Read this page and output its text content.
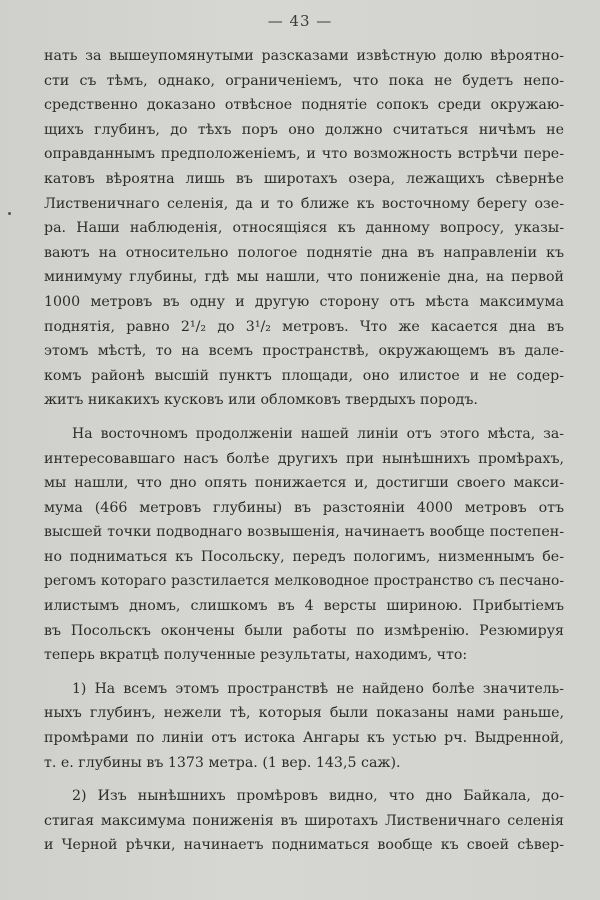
— 43 —
нать за вышеупомянутыми разсказами извѣстную долю вѣроятно-
сти съ тѣмъ, однако, ограниченіемъ, что пока не будетъ непо-
средственно доказано отвѣсное поднятіе сопокъ среди окружаю-
щихъ глубинъ, до тѣхъ поръ оно должно считаться ничѣмъ не
оправданнымъ предположеніемъ, и что возможность встрѣчи пере-
катовъ вѣроятна лишь въ широтахъ озера, лежащихъ сѣвернѣе
Лиственичнаго селенія, да и то ближе къ восточному берегу озе-
ра. Наши наблюденія, относящіяся къ данному вопросу, указы-
ваютъ на относительно пологое поднятіе дна въ направленіи къ
минимуму глубины, гдѣ мы нашли, что пониженіе дна, на первой
1000 метровъ въ одну и другую сторону отъ мѣста максимума
поднятія, равно 2¹/₂ до 3¹/₂ метровъ. Что же касается дна въ
этомъ мѣстѣ, то на всемъ пространствѣ, окружающемъ въ дале-
комъ районѣ высшій пунктъ площади, оно илистое и не содер-
житъ никакихъ кусковъ или обломковъ твердыхъ породъ.
На восточномъ продолженіи нашей линіи отъ этого мѣста, за-
интересовавшаго насъ болѣе другихъ при нынѣшнихъ промѣрахъ,
мы нашли, что дно опять понижается и, достигши своего макси-
мума (466 метровъ глубины) въ разстояніи 4000 метровъ отъ
высшей точки подводнаго возвышенія, начинаетъ вообще постепен-
но подниматься къ Посольску, передъ пологимъ, низменнымъ бе-
регомъ котораго разстилается мелководное пространство съ песчано-
илистымъ дномъ, слишкомъ въ 4 версты шириною. Прибытіемъ
въ Посольскъ окончены были работы по измѣренію. Резюмируя
теперь вкратцѣ полученные результаты, находимъ, что:
1) На всемъ этомъ пространствѣ не найдено болѣе значитель-
ныхъ глубинъ, нежели тѣ, которыя были показаны нами раньше,
промѣрами по линіи отъ истока Ангары къ устью рч. Выдренной,
т. е. глубины въ 1373 метра. (1 вер. 143,5 саж).
2) Изъ нынѣшнихъ промѣровъ видно, что дно Байкала, до-
стигая максимума пониженія въ широтахъ Лиственичнаго селенія
и Черной рѣчки, начинаетъ подниматься вообще къ своей сѣвер-
